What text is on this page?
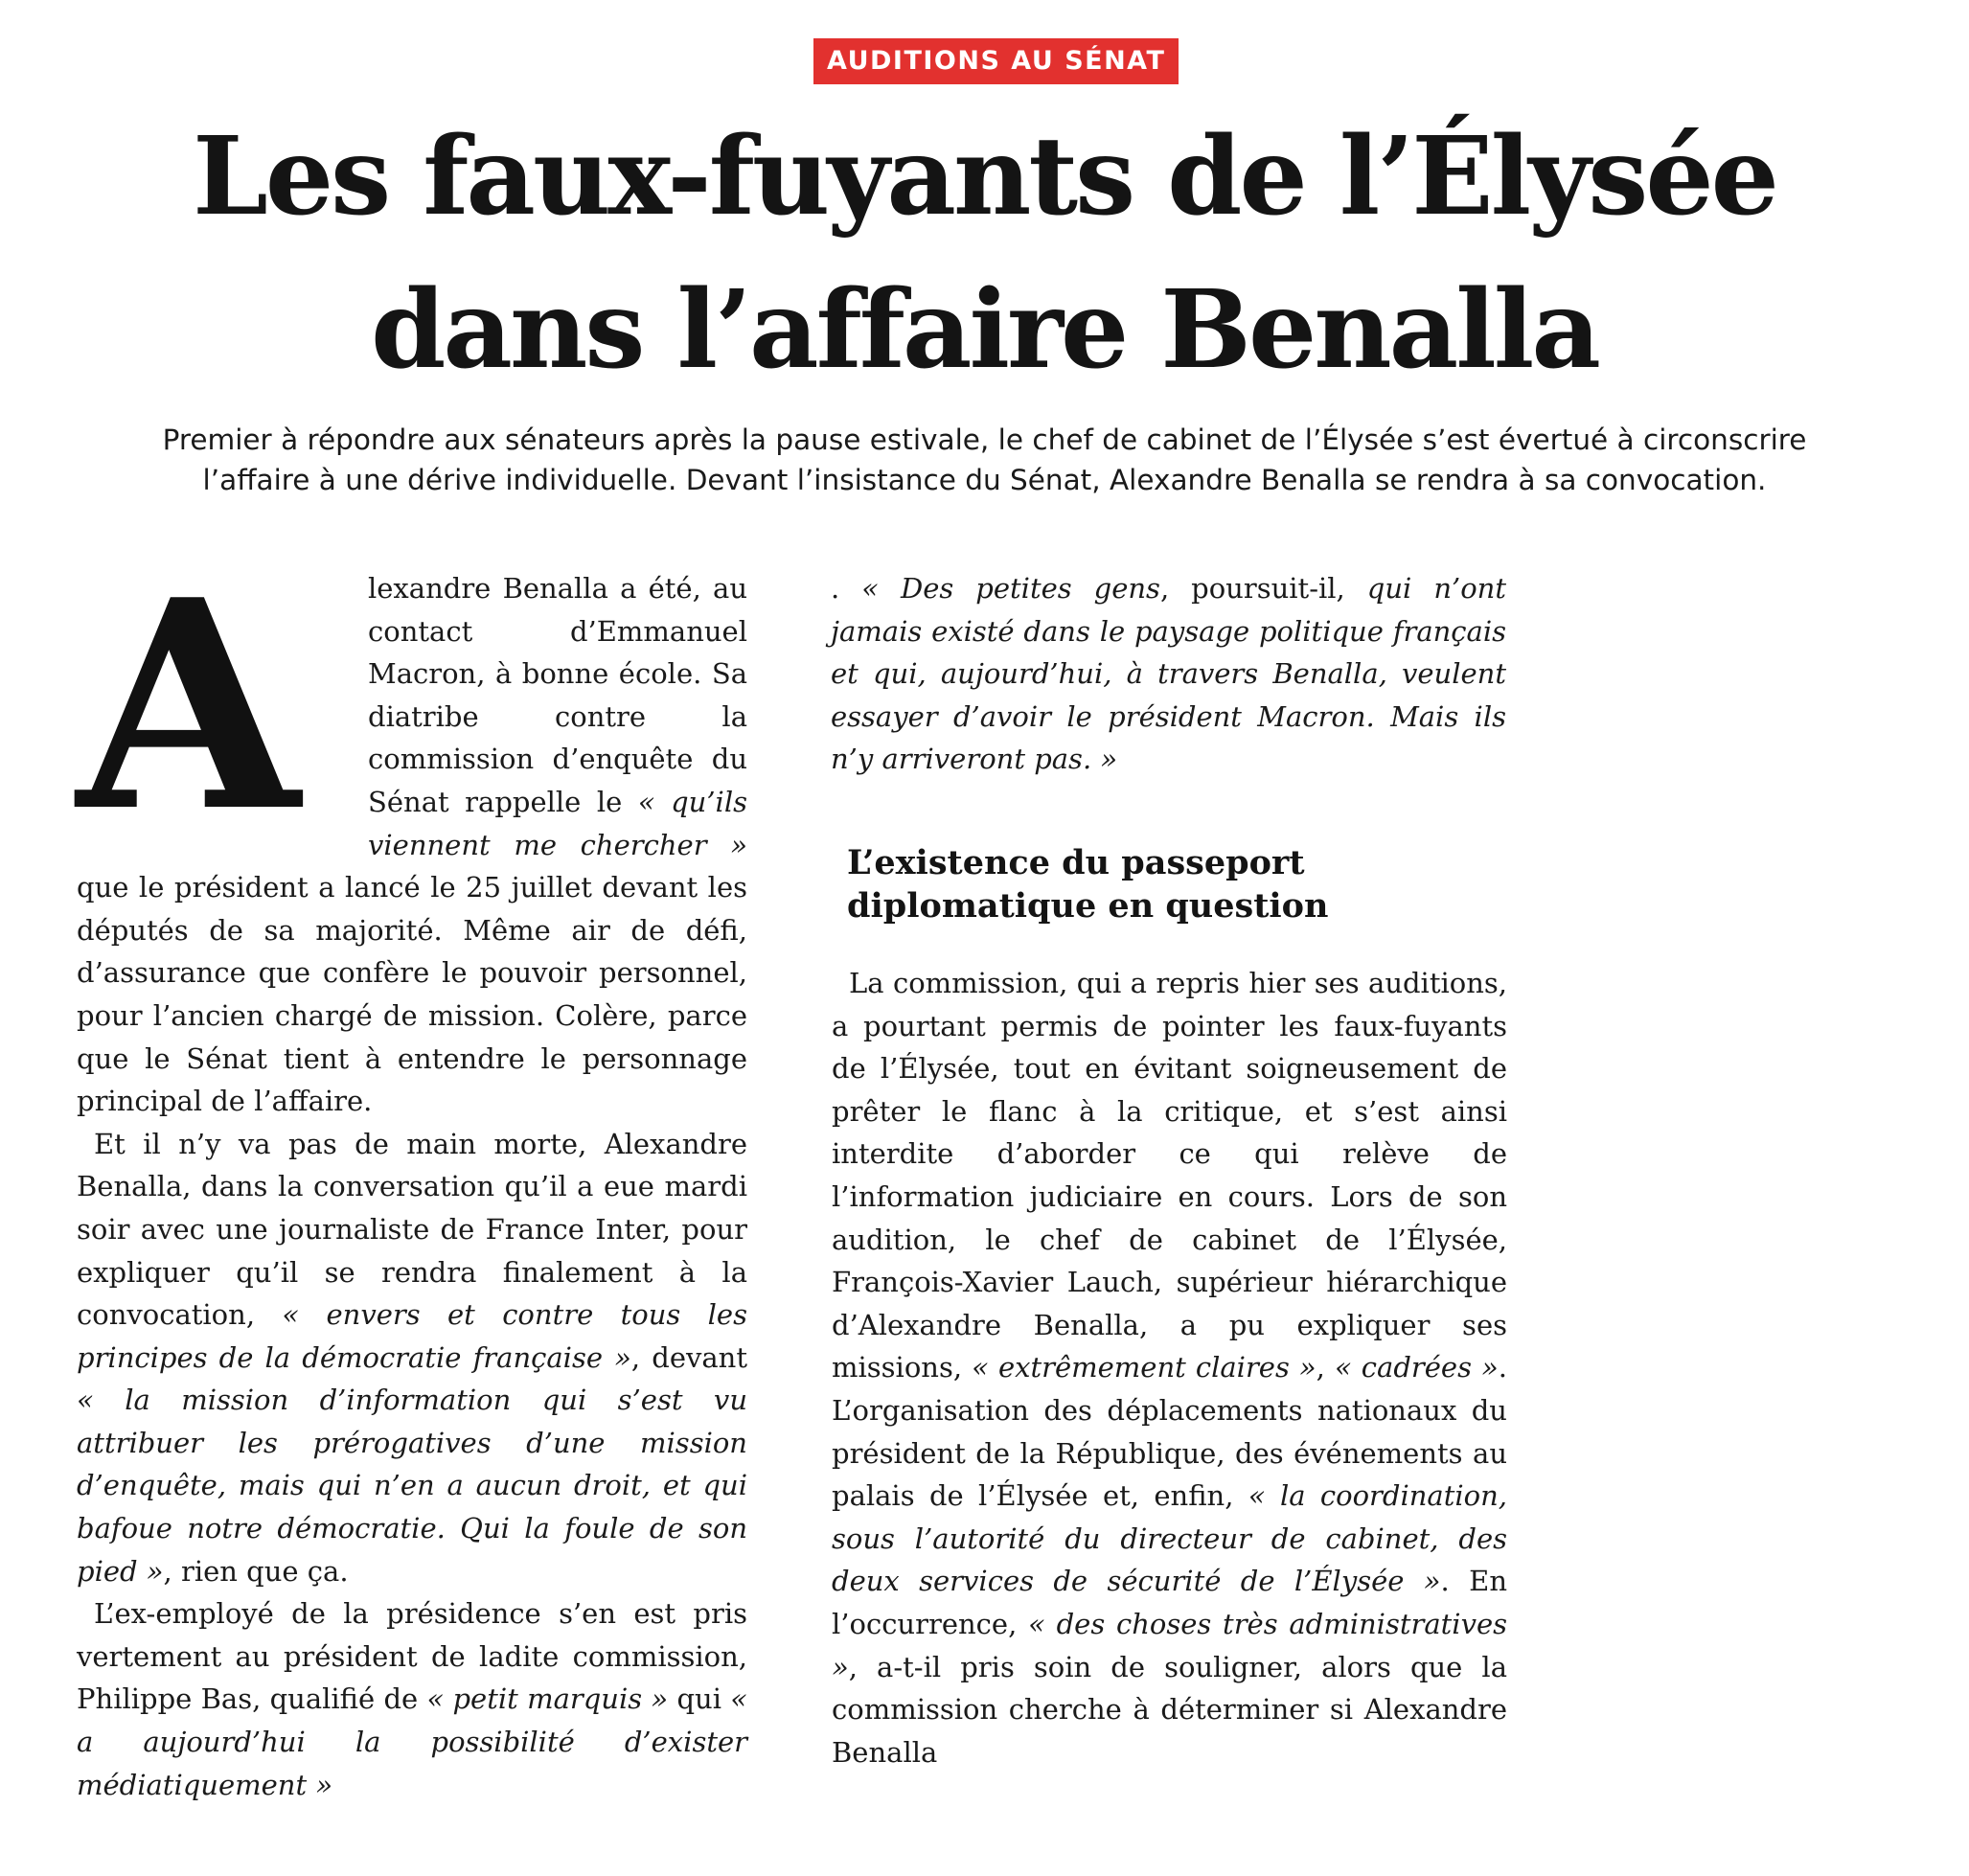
AUDITIONS AU SÉNAT
Les faux-fuyants de l’Élysée
dans l’affaire Benalla

Premier à répondre aux sénateurs après la pause estivale, le chef de cabinet de l’Élysée s’est évertué à circonscrire
l’affaire à une dérive individuelle. Devant l’insistance du Sénat, Alexandre Benalla se rendra à sa convocation.

A	lexandre Benalla a été, au contact d’Emmanuel Macron, à bonne école. Sa diatribe contre la commission d’enquête du Sénat rappelle le « qu’ils viennent me chercher » que le président a lancé le 25 juillet devant les députés de sa majorité. Même air de défi, d’assurance que confère le pouvoir personnel, pour l’ancien chargé de mission. Colère, parce que le Sénat tient à entendre le personnage principal de l’affaire.

Et il n’y va pas de main morte, Alexandre Benalla, dans la conversation qu’il a eue mardi soir avec une journaliste de France Inter, pour expliquer qu’il se rendra finalement à la convocation, « envers et contre tous les principes de la démocratie française », devant « la mission d’information qui s’est vu attribuer les prérogatives d’une mission d’enquête, mais qui n’en a aucun droit, et qui bafoue notre démocratie. Qui la foule de son pied », rien que ça.

L’ex-employé de la présidence s’en est pris vertement au président de ladite commission, Philippe Bas, qualifié de « petit marquis » qui « a aujourd’hui la possibilité d’exister médiatiquement »

. « Des petites gens, poursuit-il, qui n’ont jamais existé dans le paysage politique français et qui, aujourd’hui, à travers Benalla, veulent essayer d’avoir le président Macron. Mais ils n’y arriveront pas. »

L’existence du passeport
diplomatique en question

La commission, qui a repris hier ses auditions, a pourtant permis de pointer les faux-fuyants de l’Élysée, tout en évitant soigneusement de prêter le flanc à la critique, et s’est ainsi interdite d’aborder ce qui relève de l’information judiciaire en cours. Lors de son audition, le chef de cabinet de l’Élysée, François-Xavier Lauch, supérieur hiérarchique d’Alexandre Benalla, a pu expliquer ses missions, « extrêmement claires », « cadrées ». L’organisation des déplacements nationaux du président de la République, des événements au palais de l’Élysée et, enfin, « la coordination, sous l’autorité du directeur de cabinet, des deux services de sécurité de l’Élysée ». En l’occurrence, « des choses très administratives », a-t-il pris soin de souligner, alors que la commission cherche à déterminer si Alexandre Benalla
